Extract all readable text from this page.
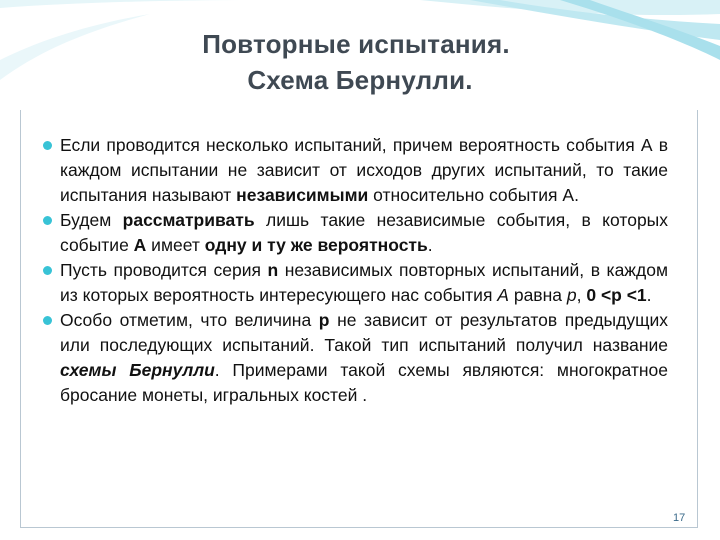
Повторные испытания.
Схема Бернулли.
Если проводится несколько испытаний, причем вероятность события А в каждом испытании не зависит от исходов других испытаний, то такие испытания называют независимыми относительно события А.
Будем рассматривать лишь такие независимые события, в которых событие А имеет одну и ту же вероятность.
Пусть проводится серия n независимых повторных испытаний, в каждом из которых вероятность интересующего нас события А равна р, 0 <p <1.
Особо отметим, что величина р не зависит от результатов предыдущих или последующих испытаний. Такой тип испытаний получил название схемы Бернулли. Примерами такой схемы являются: многократное бросание монеты, игральных костей .
17
